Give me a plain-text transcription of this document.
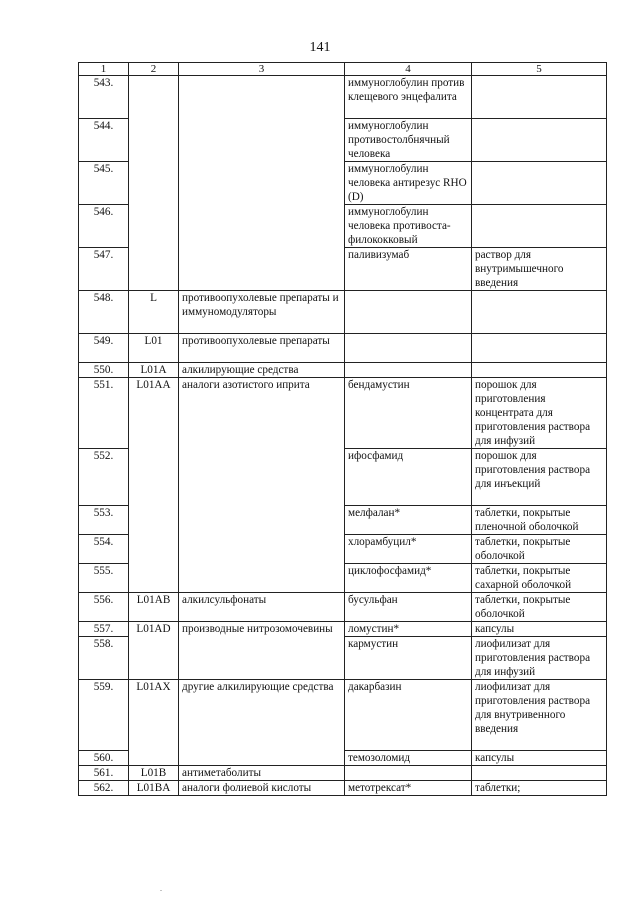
141
1	2	3	4	5
543.			иммуноглобулин против клещевого энцефалита	
544.			иммуноглобулин противостолбнячный человека	
545.			иммуноглобулин человека антирезус RHO (D)	
546.			иммуноглобулин человека противоста-филококковый	
547.			паливизумаб	раствор для внутримышечного введения
548.	L	противоопухолевые препараты и иммуномодуляторы		
549.	L01	противоопухолевые препараты		
550.	L01A	алкилирующие средства		
551.	L01AA	аналоги азотистого иприта	бендамустин	порошок для приготовления концентрата для приготовления раствора для инфузий
552.			ифосфамид	порошок для приготовления раствора для инъекций
553.			мелфалан*	таблетки, покрытые пленочной оболочкой
554.			хлорамбуцил*	таблетки, покрытые оболочкой
555.			циклофосфамид*	таблетки, покрытые сахарной оболочкой
556.	L01AB	алкилсульфонаты	бусульфан	таблетки, покрытые оболочкой
557.	L01AD	производные нитрозомочевины	ломустин*	капсулы
558.			кармустин	лиофилизат для приготовления раствора для инфузий
559.	L01AX	другие алкилирующие средства	дакарбазин	лиофилизат для приготовления раствора для внутривенного введения
560.			темозоломид	капсулы
561.	L01B	антиметаболиты		
562.	L01BA	аналоги фолиевой кислоты	метотрексат*	таблетки;
.
